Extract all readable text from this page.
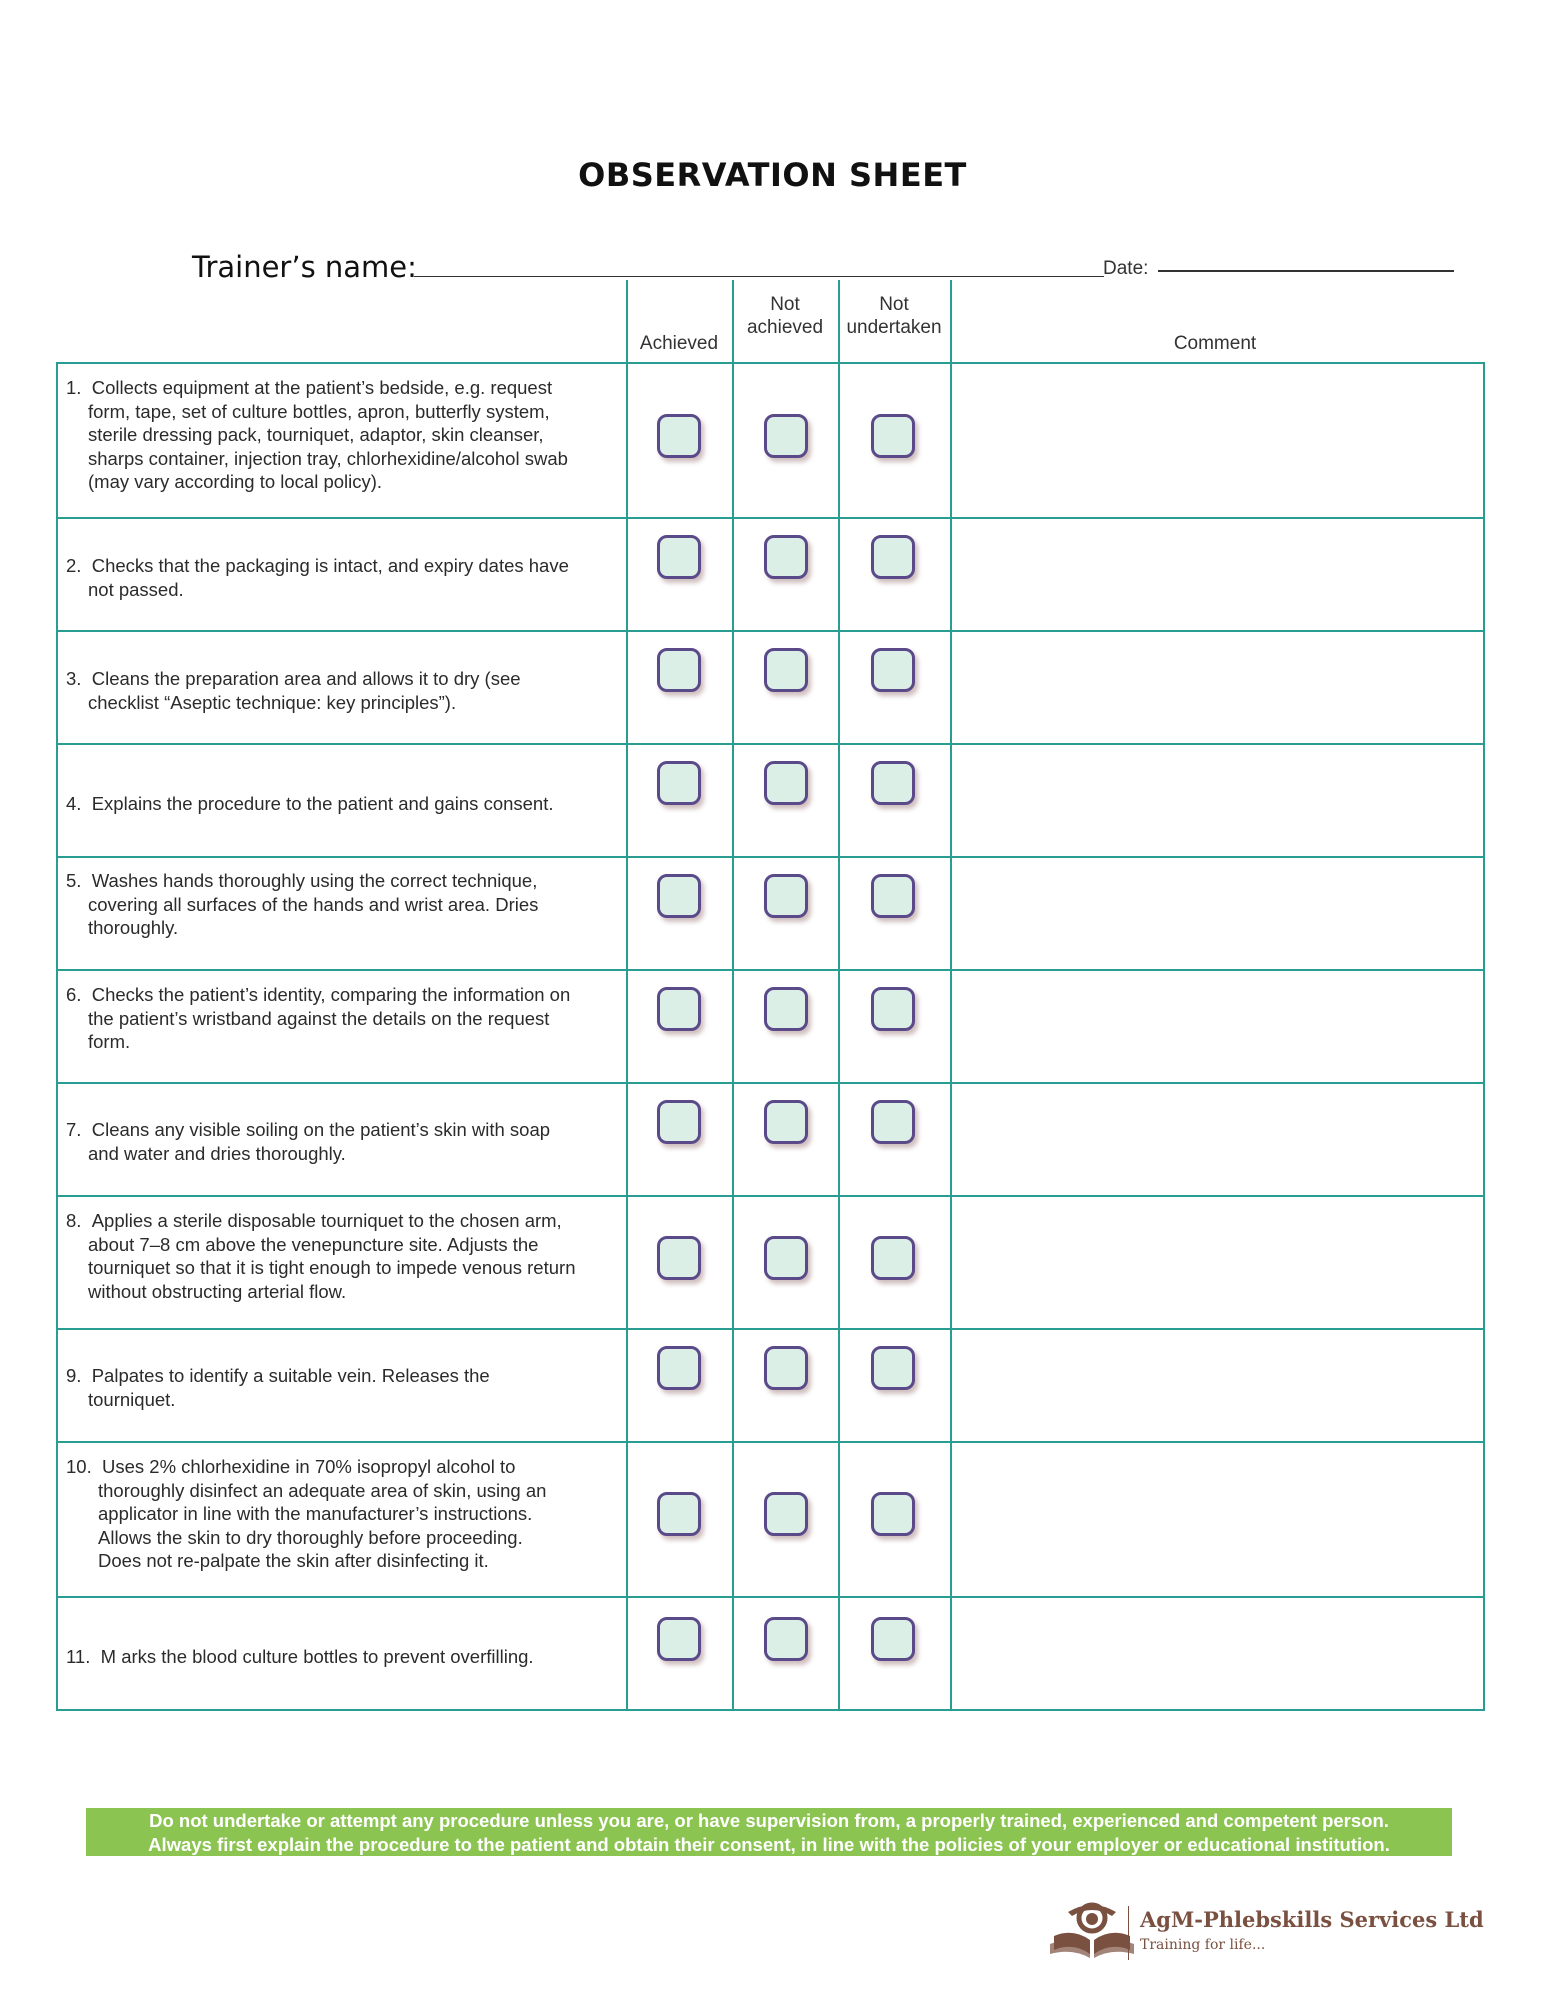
OBSERVATION SHEET
Trainer’s name:	Date:
Achieved
Not
achieved
Not
undertaken
Comment
1. Collects equipment at the patient’s bedside, e.g. request
form, tape, set of culture bottles, apron, butterfly system,
sterile dressing pack, tourniquet, adaptor, skin cleanser,
sharps container, injection tray, chlorhexidine/alcohol swab
(may vary according to local policy).
2. Checks that the packaging is intact, and expiry dates have
not passed.
3. Cleans the preparation area and allows it to dry (see
checklist “Aseptic technique: key principles”).
4. Explains the procedure to the patient and gains consent.
5. Washes hands thoroughly using the correct technique,
covering all surfaces of the hands and wrist area. Dries
thoroughly.
6. Checks the patient’s identity, comparing the information on
the patient’s wristband against the details on the request
form.
7. Cleans any visible soiling on the patient’s skin with soap
and water and dries thoroughly.
8. Applies a sterile disposable tourniquet to the chosen arm,
about 7–8 cm above the venepuncture site. Adjusts the
tourniquet so that it is tight enough to impede venous return
without obstructing arterial flow.
9. Palpates to identify a suitable vein. Releases the
tourniquet.
10. Uses 2% chlorhexidine in 70% isopropyl alcohol to
thoroughly disinfect an adequate area of skin, using an
applicator in line with the manufacturer’s instructions.
Allows the skin to dry thoroughly before proceeding.
Does not re-palpate the skin after disinfecting it.
11. M arks the blood culture bottles to prevent overfilling.
Do not undertake or attempt any procedure unless you are, or have supervision from, a properly trained, experienced and competent person.
Always first explain the procedure to the patient and obtain their consent, in line with the policies of your employer or educational institution.
AgM-Phlebskills Services Ltd
Training for life...
